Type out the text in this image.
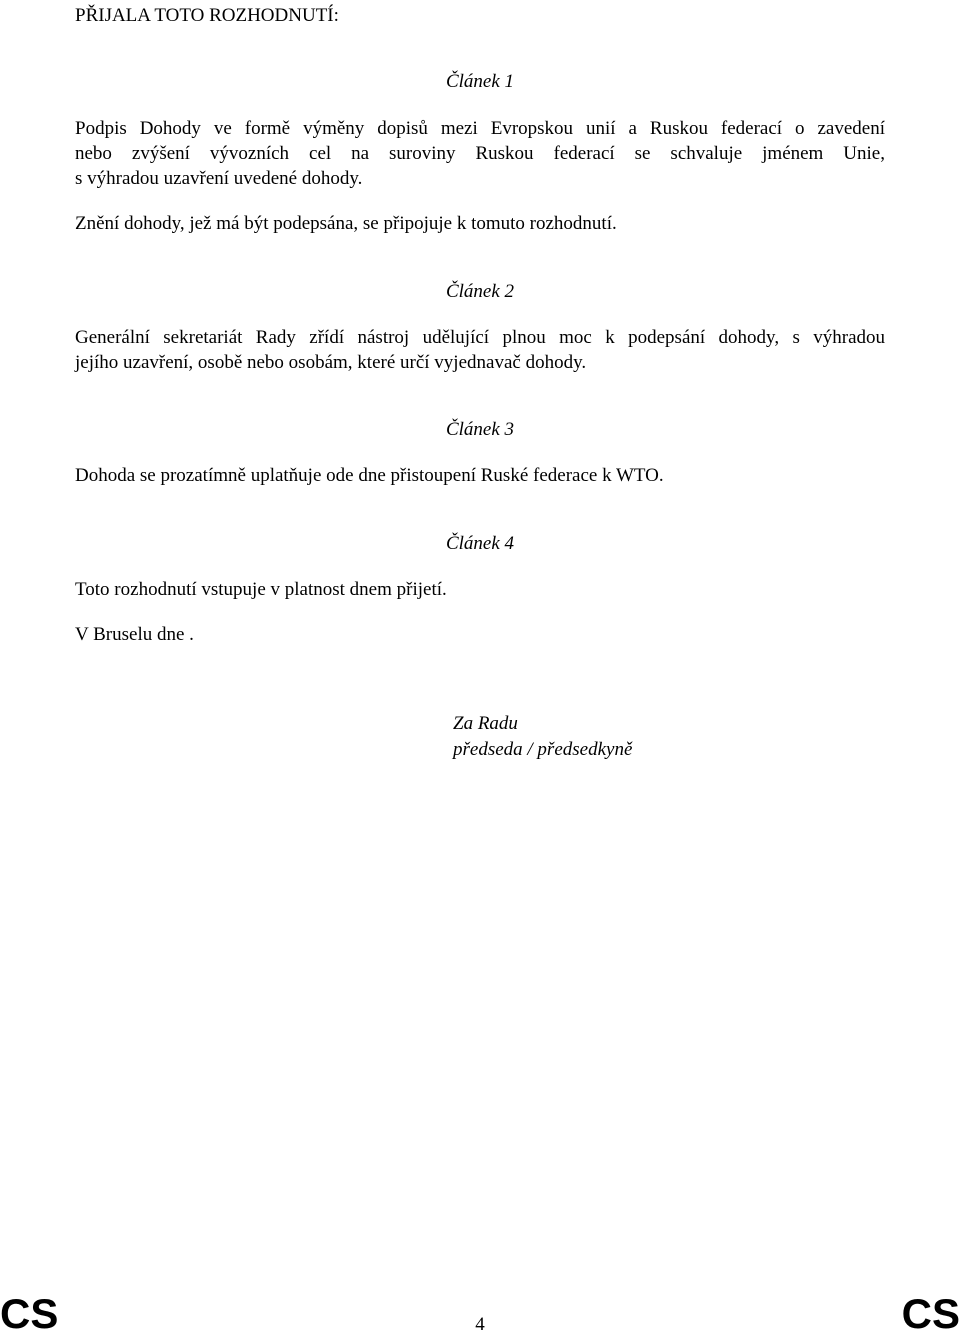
PŘIJALA TOTO ROZHODNUTÍ:
Článek 1
Podpis Dohody ve formě výměny dopisů mezi Evropskou unií a Ruskou federací o zavedení
nebo zvýšení vývozních cel na suroviny Ruskou federací se schvaluje jménem Unie,
s výhradou uzavření uvedené dohody.
Znění dohody, jež má být podepsána, se připojuje k tomuto rozhodnutí.
Článek 2
Generální sekretariát Rady zřídí nástroj udělující plnou moc k podepsání dohody, s výhradou
jejího uzavření, osobě nebo osobám, které určí vyjednavač dohody.
Článek 3
Dohoda se prozatímně uplatňuje ode dne přistoupení Ruské federace k WTO.
Článek 4
Toto rozhodnutí vstupuje v platnost dnem přijetí.
V Bruselu dne .
Za Radu
předseda / předsedkyně
CS	4	CS
